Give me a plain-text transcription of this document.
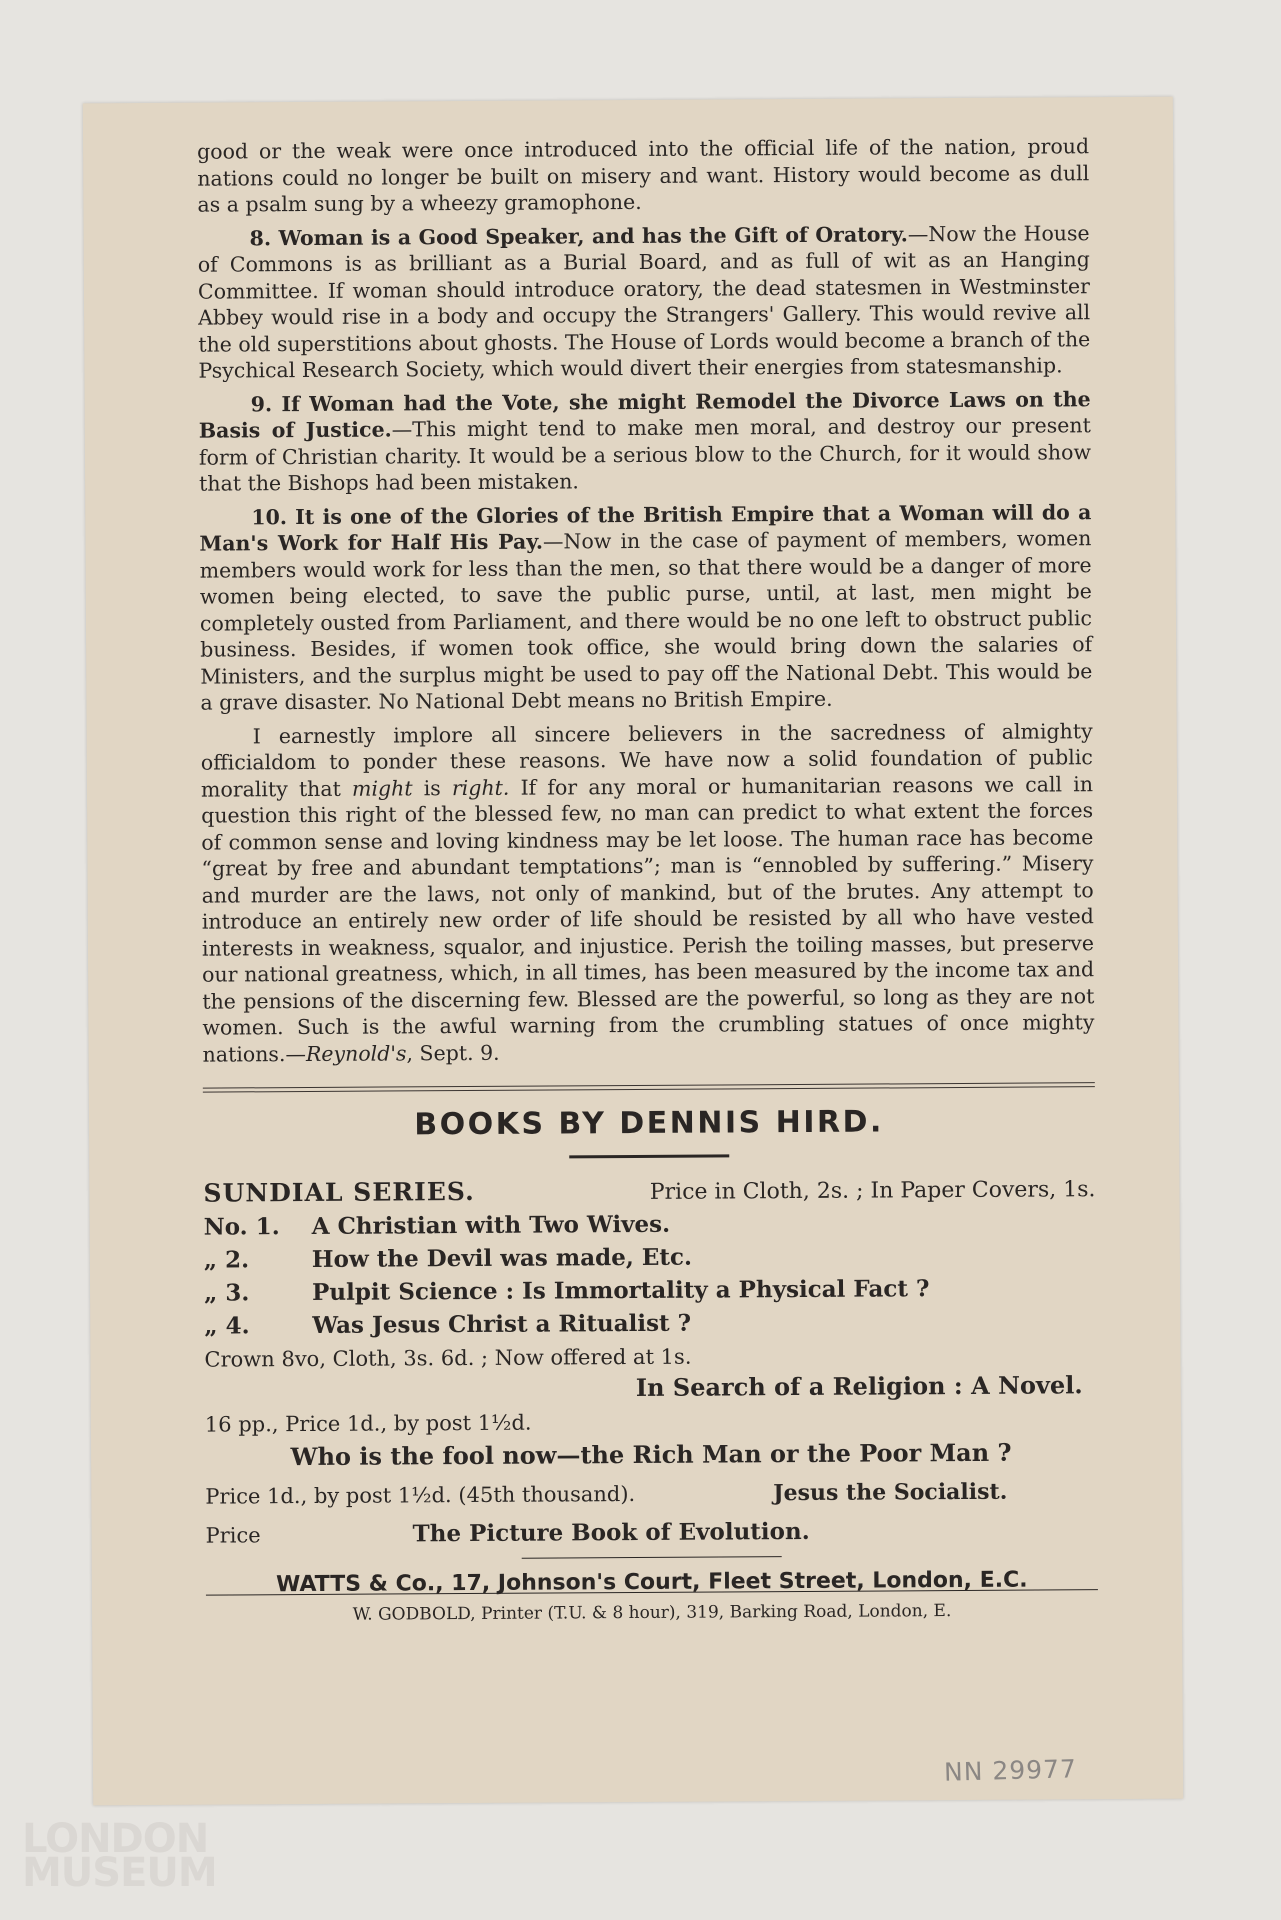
good or the weak were once introduced into the official life of the nation, proud nations could no longer be built on misery and want. History would become as dull as a psalm sung by a wheezy gramophone.

8. Woman is a Good Speaker, and has the Gift of Oratory.—Now the House of Commons is as brilliant as a Burial Board, and as full of wit as an Hanging Committee. If woman should introduce oratory, the dead statesmen in Westminster Abbey would rise in a body and occupy the Strangers' Gallery. This would revive all the old superstitions about ghosts. The House of Lords would become a branch of the Psychical Research Society, which would divert their energies from statesmanship.

9. If Woman had the Vote, she might Remodel the Divorce Laws on the Basis of Justice.—This might tend to make men moral, and destroy our present form of Christian charity. It would be a serious blow to the Church, for it would show that the Bishops had been mistaken.

10. It is one of the Glories of the British Empire that a Woman will do a Man's Work for Half His Pay.—Now in the case of payment of members, women members would work for less than the men, so that there would be a danger of more women being elected, to save the public purse, until, at last, men might be completely ousted from Parliament, and there would be no one left to obstruct public business. Besides, if women took office, she would bring down the salaries of Ministers, and the surplus might be used to pay off the National Debt. This would be a grave disaster. No National Debt means no British Empire.

I earnestly implore all sincere believers in the sacredness of almighty officialdom to ponder these reasons. We have now a solid foundation of public morality that might is right. If for any moral or humanitarian reasons we call in question this right of the blessed few, no man can predict to what extent the forces of common sense and loving kindness may be let loose. The human race has become “great by free and abundant temptations”; man is “ennobled by suffering.” Misery and murder are the laws, not only of mankind, but of the brutes. Any attempt to introduce an entirely new order of life should be resisted by all who have vested interests in weakness, squalor, and injustice. Perish the toiling masses, but preserve our national greatness, which, in all times, has been measured by the income tax and the pensions of the discerning few. Blessed are the powerful, so long as they are not women. Such is the awful warning from the crumbling statues of once mighty nations.—Reynold's, Sept. 9.

BOOKS BY DENNIS HIRD.
SUNDIAL SERIES.	Price in Cloth, 2s. ; In Paper Covers, 1s.
No. 1.	A Christian with Two Wives.
„ 2.	How the Devil was made, Etc.
„ 3.	Pulpit Science : Is Immortality a Physical Fact ?
„ 4.	Was Jesus Christ a Ritualist ?
Crown 8vo, Cloth, 3s. 6d. ; Now offered at 1s.
In Search of a Religion : A Novel.
16 pp., Price 1d., by post 1½d.
Who is the fool now—the Rich Man or the Poor Man ?
Price 1d., by post 1½d. (45th thousand).	Jesus the Socialist.
Price	The Picture Book of Evolution.
WATTS & Co., 17, Johnson's Court, Fleet Street, London, E.C.
W. GODBOLD, Printer (T.U. & 8 hour), 319, Barking Road, London, E.
NN 29977
LONDON
MUSEUM
